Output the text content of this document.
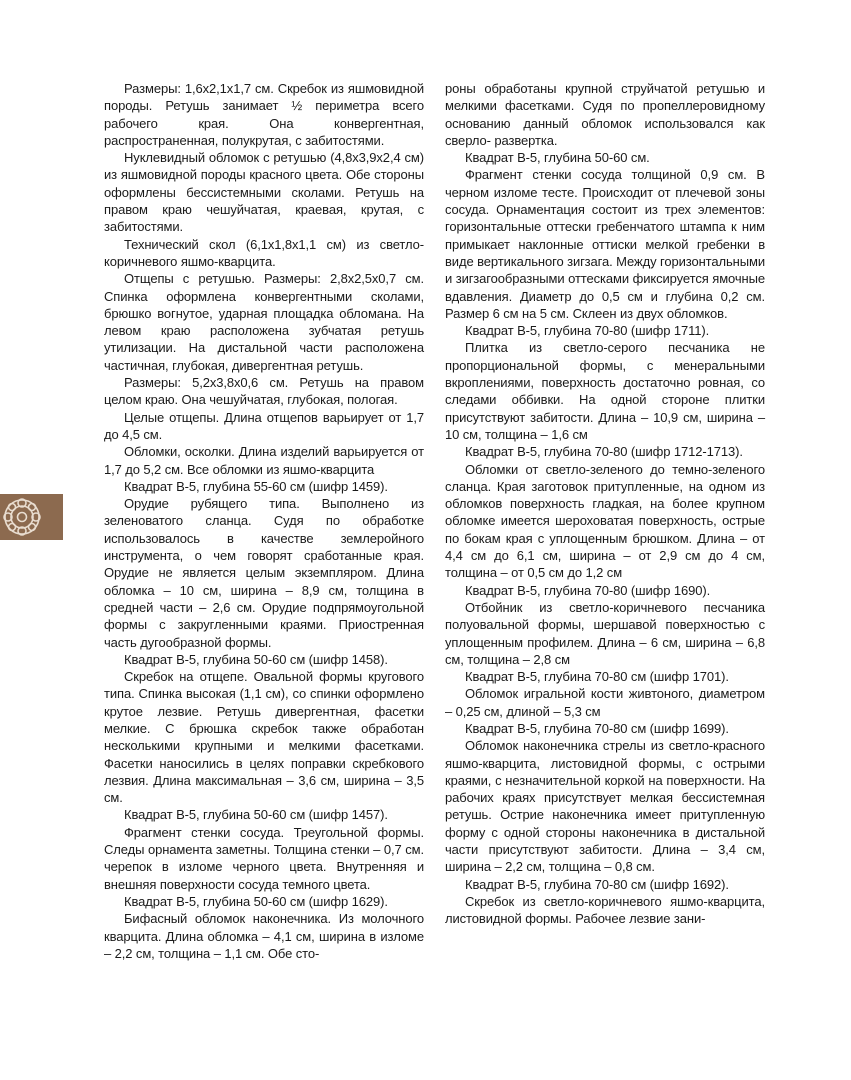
Размеры: 1,6x2,1x1,7 см. Скребок из яшмовидной породы. Ретушь занимает ½ периметра всего рабочего края. Она конвергентная, распространенная, полукрутая, с забитостями.

Нуклевидный обломок с ретушью (4,8x3,9x2,4 см) из яшмовидной породы красного цвета. Обе стороны оформлены бессистемными сколами. Ретушь на правом краю чешуйчатая, краевая, крутая, с забитостями.

Технический скол (6,1x1,8x1,1 см) из светло-коричневого яшмо-кварцита.

Отщепы с ретушью. Размеры: 2,8x2,5x0,7 см. Спинка оформлена конвергентными сколами, брюшко вогнутое, ударная площадка обломана. На левом краю расположена зубчатая ретушь утилизации. На дистальной части расположена частичная, глубокая, дивергентная ретушь.

Размеры: 5,2x3,8x0,6 см. Ретушь на правом целом краю. Она чешуйчатая, глубокая, пологая.

Целые отщепы. Длина отщепов варьирует от 1,7 до 4,5 см.

Обломки, осколки. Длина изделий варьируется от 1,7 до 5,2 см. Все обломки из яшмо-кварцита

Квадрат В-5, глубина 55-60 см (шифр 1459).

Орудие рубящего типа. Выполнено из зеленоватого сланца. Судя по обработке использовалось в качестве землеройного инструмента, о чем говорят сработанные края. Орудие не является целым экземпляром. Длина обломка – 10 см, ширина – 8,9 см, толщина в средней части – 2,6 см. Орудие подпрямоугольной формы с закругленными краями. Приостренная часть дугообразной формы.

Квадрат В-5, глубина 50-60 см (шифр 1458).

Скребок на отщепе. Овальной формы кругового типа. Спинка высокая (1,1 см), со спинки оформлено крутое лезвие. Ретушь дивергентная, фасетки мелкие. С брюшка скребок также обработан несколькими крупными и мелкими фасетками. Фасетки наносились в целях поправки скребкового лезвия. Длина максимальная – 3,6 см, ширина – 3,5 см.

Квадрат В-5, глубина 50-60 см (шифр 1457).

Фрагмент стенки сосуда. Треугольной формы. Следы орнамента заметны. Толщина стенки – 0,7 см. черепок в изломе черного цвета. Внутренняя и внешняя поверхности сосуда темного цвета.

Квадрат В-5, глубина 50-60 см (шифр 1629).

Бифасный обломок наконечника. Из молочного кварцита. Длина обломка – 4,1 см, ширина в изломе – 2,2 см, толщина – 1,1 см. Обе сто-

роны обработаны крупной струйчатой ретушью и мелкими фасетками. Судя по пропеллеровидному основанию данный обломок использовался как сверло- развертка.

Квадрат В-5, глубина 50-60 см.

Фрагмент стенки сосуда толщиной 0,9 см. В черном изломе тесте. Происходит от плечевой зоны сосуда. Орнаментация состоит из трех элементов: горизонтальные оттески гребенчатого штампа к ним примыкает наклонные оттиски мелкой гребенки в виде вертикального зигзага. Между горизонтальными и зигзагообразными оттесками фиксируется ямочные вдавления. Диаметр до 0,5 см и глубина 0,2 см. Размер 6 см на 5 см. Склеен из двух обломков.

Квадрат В-5, глубина 70-80 (шифр 1711).

Плитка из светло-серого песчаника не пропорциональной формы, с менеральными вкроплениями, поверхность достаточно ровная, со следами оббивки. На одной стороне плитки присутствуют забитости. Длина – 10,9 см, ширина – 10 см, толщина – 1,6 см

Квадрат В-5, глубина 70-80 (шифр 1712-1713).

Обломки от светло-зеленого до темно-зеленого сланца. Края заготовок притупленные, на одном из обломков поверхность гладкая, на более крупном обломке имеется шероховатая поверхность, острые по бокам края с уплощенным брюшком. Длина – от 4,4 см до 6,1 см, ширина – от 2,9 см до 4 см, толщина – от 0,5 см до 1,2 см

Квадрат В-5, глубина 70-80 (шифр 1690).

Отбойник из светло-коричневого песчаника полуовальной формы, шершавой поверхностью с уплощенным профилем. Длина – 6 см, ширина – 6,8 см, толщина – 2,8 см

Квадрат В-5, глубина 70-80 см (шифр 1701).

Обломок игральной кости живтоного, диаметром – 0,25 см, длиной – 5,3 см

Квадрат В-5, глубина 70-80 см (шифр 1699).

Обломок наконечника стрелы из светло-красного яшмо-кварцита, листовидной формы, с острыми краями, с незначительной коркой на поверхности. На рабочих краях присутствует мелкая бессистемная ретушь. Острие наконечника имеет притупленную форму с одной стороны наконечника в дистальной части присутствуют забитости. Длина – 3,4 см, ширина – 2,2 см, толщина – 0,8 см.

Квадрат В-5, глубина 70-80 см (шифр 1692).

Скребок из светло-коричневого яшмо-кварцита, листовидной формы. Рабочее лезвие зани-

140
